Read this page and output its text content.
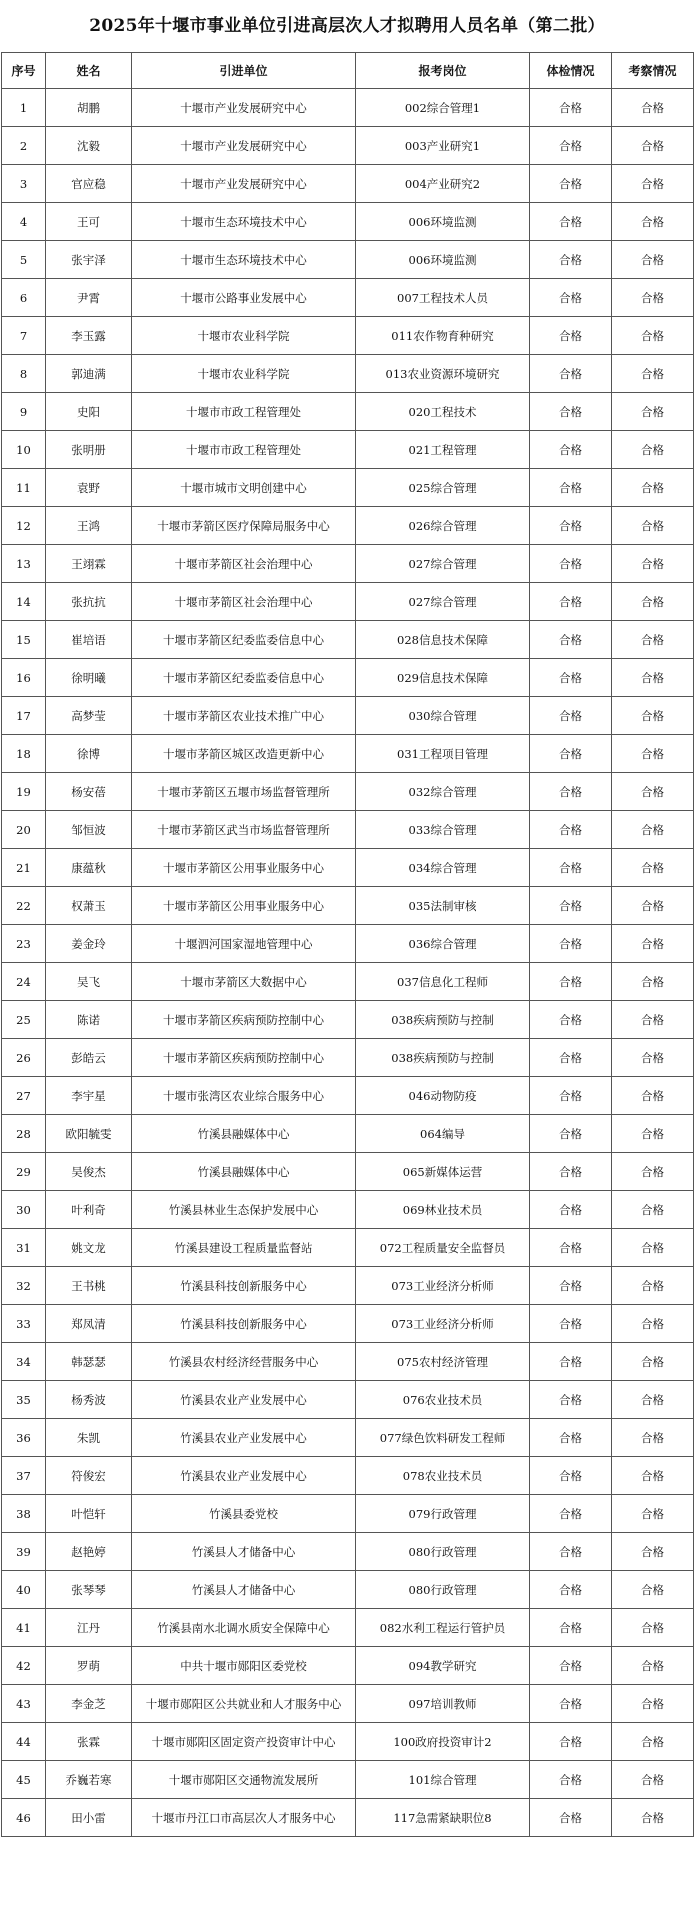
2025年十堰市事业单位引进高层次人才拟聘用人员名单（第二批）
序号	姓名	引进单位	报考岗位	体检情况	考察情况
1	胡鹏	十堰市产业发展研究中心	002综合管理1	合格	合格
2	沈毅	十堰市产业发展研究中心	003产业研究1	合格	合格
3	官应稳	十堰市产业发展研究中心	004产业研究2	合格	合格
4	王可	十堰市生态环境技术中心	006环境监测	合格	合格
5	张宇泽	十堰市生态环境技术中心	006环境监测	合格	合格
6	尹霄	十堰市公路事业发展中心	007工程技术人员	合格	合格
7	李玉露	十堰市农业科学院	011农作物育种研究	合格	合格
8	郭迪满	十堰市农业科学院	013农业资源环境研究	合格	合格
9	史阳	十堰市市政工程管理处	020工程技术	合格	合格
10	张明册	十堰市市政工程管理处	021工程管理	合格	合格
11	袁野	十堰市城市文明创建中心	025综合管理	合格	合格
12	王鸿	十堰市茅箭区医疗保障局服务中心	026综合管理	合格	合格
13	王翊霖	十堰市茅箭区社会治理中心	027综合管理	合格	合格
14	张抗抗	十堰市茅箭区社会治理中心	027综合管理	合格	合格
15	崔培语	十堰市茅箭区纪委监委信息中心	028信息技术保障	合格	合格
16	徐明曦	十堰市茅箭区纪委监委信息中心	029信息技术保障	合格	合格
17	高梦莹	十堰市茅箭区农业技术推广中心	030综合管理	合格	合格
18	徐博	十堰市茅箭区城区改造更新中心	031工程项目管理	合格	合格
19	杨安蓓	十堰市茅箭区五堰市场监督管理所	032综合管理	合格	合格
20	邹恒波	十堰市茅箭区武当市场监督管理所	033综合管理	合格	合格
21	康蕴秋	十堰市茅箭区公用事业服务中心	034综合管理	合格	合格
22	权萧玉	十堰市茅箭区公用事业服务中心	035法制审核	合格	合格
23	姜金玲	十堰泗河国家湿地管理中心	036综合管理	合格	合格
24	吴飞	十堰市茅箭区大数据中心	037信息化工程师	合格	合格
25	陈诺	十堰市茅箭区疾病预防控制中心	038疾病预防与控制	合格	合格
26	彭皓云	十堰市茅箭区疾病预防控制中心	038疾病预防与控制	合格	合格
27	李宇星	十堰市张湾区农业综合服务中心	046动物防疫	合格	合格
28	欧阳毓雯	竹溪县融媒体中心	064编导	合格	合格
29	吴俊杰	竹溪县融媒体中心	065新媒体运营	合格	合格
30	叶利奇	竹溪县林业生态保护发展中心	069林业技术员	合格	合格
31	姚文龙	竹溪县建设工程质量监督站	072工程质量安全监督员	合格	合格
32	王书桃	竹溪县科技创新服务中心	073工业经济分析师	合格	合格
33	郑凤清	竹溪县科技创新服务中心	073工业经济分析师	合格	合格
34	韩瑟瑟	竹溪县农村经济经营服务中心	075农村经济管理	合格	合格
35	杨秀波	竹溪县农业产业发展中心	076农业技术员	合格	合格
36	朱凯	竹溪县农业产业发展中心	077绿色饮料研发工程师	合格	合格
37	符俊宏	竹溪县农业产业发展中心	078农业技术员	合格	合格
38	叶恺轩	竹溪县委党校	079行政管理	合格	合格
39	赵艳婷	竹溪县人才储备中心	080行政管理	合格	合格
40	张琴琴	竹溪县人才储备中心	080行政管理	合格	合格
41	江丹	竹溪县南水北调水质安全保障中心	082水利工程运行管护员	合格	合格
42	罗萌	中共十堰市郧阳区委党校	094教学研究	合格	合格
43	李金芝	十堰市郧阳区公共就业和人才服务中心	097培训教师	合格	合格
44	张霖	十堰市郧阳区固定资产投资审计中心	100政府投资审计2	合格	合格
45	乔巍若寒	十堰市郧阳区交通物流发展所	101综合管理	合格	合格
46	田小雷	十堰市丹江口市高层次人才服务中心	117急需紧缺职位8	合格	合格
